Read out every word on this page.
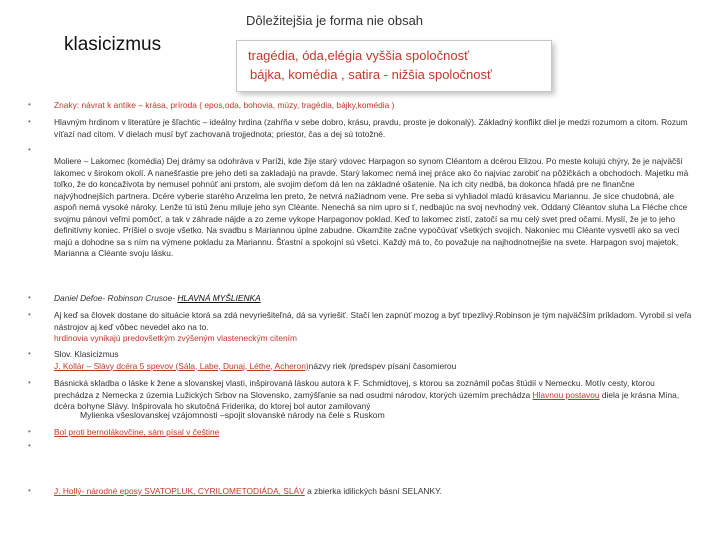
klasicizmus
Dôležitejšia je forma nie obsah
tragédia, óda,elégia vyššia spoločnosť
bájka, komédia , satira - nižšia spoločnosť
•
•
•
•
•
•
•
•
•
•
Znaky: návrat k antike – krása, príroda ( epos,oda, bohovia, múzy, tragédia, bájky,komédia )
Hlavným hrdinom v literatúre je šľachtic – ideálny hrdina (zahŕňa v sebe dobro, krásu, pravdu, proste je dokonalý). Základný konflikt diel je medzi rozumom a citom. Rozum víťazí nad citom. V dielach musí byť zachovaná trojjednota; priestor, čas a dej sú totožné.
Moliere – Lakomec (komédia) Dej drámy sa odohráva v Paríži, kde žije starý vdovec Harpagon so synom Cléantom a dcérou Elizou. Po meste kolujú chýry, že je najväčší lakomec v širokom okolí. A nanešťastie pre jeho deti sa zakladajú na pravde. Starý lakomec nemá inej práce ako čo najviac zarobiť na pôžičkách a obchodoch. Majetku má toľko, že do koncaživota by nemusel pohnúť ani prstom, ale svojim deťom dá len na základné ošatenie. Na ich city nedbá, ba dokonca hľadá pre ne finančne najvýhodnejších partnera. Dcére vyberie starého Anzelma len preto, že netvrá nažiadnom vene. Pre seba si vyhliadol mladú krásavicu Mariannu. Je síce chudobná, ale aspoň nemá vysoké nároky. Lenže tú istú ženu miluje jeho syn Cléante. Nenechá sa nim upro si ť, nedbajúc na svoj nevhodný vek. Oddaný Cléantov sluha La Fléche chce svojmu pánovi veľmi pomôcť, a tak v záhrade nájde a zo zeme vykope Harpagonov poklad. Keď to lakomec zistí, zatočí sa mu celý svet pred očami. Myslí, že je to jeho definitívny koniec. Príšiel o svoje všetko. Na svadbu s Mariannou úplne zabudne. Okamžite začne vypočúvať všetkých svojich. Nakoniec mu Cléante vysvetlí ako sa veci majú a dohodne sa s ním na výmene pokladu za Mariannu. Šťastní a spokojní sú všetci. Každý má to, čo považuje na najhodnotnejšie na svete. Harpagon svoj majetok, Marianna a Cléante svoju lásku.
Daniel Defoe- Robinson Crusoe- HLAVNÁ MYŠLIENKA
Aj keď sa človek dostane do situácie ktorá sa zdá nevyriešiteľná, dá sa vyriešiť. Stačí len zapnúť mozog a byť trpezlivý.Robinson je tým najväčším príkladom. Vyrobil si veľa nástrojov aj keď vôbec nevedel ako na to.
hrdinovia vynikajú predovšetkým zvýšeným vlasteneckým citením
Slov. Klasicizmus
J. Kollár – Slávy dcéra 5 spevov (Sála, Labe, Dunaj, Léthe, Acheron)názvy riek /predspev písaní časomierou
Básnická skladba o láske k žene a slovanskej vlasti, inšpirovaná láskou autora k F. Schmidtovej, s ktorou sa zoznámil počas štúdií v Nemecku. Motív cesty, ktorou prechádza z Nemecka z územia Lužických Srbov na Slovensko, zamýšľanie sa nad osudmi národov, ktorých územím prechádza Hlavnou postavou diela je krásna Mína, dcéra bohyne Slávy. Inšpirovala ho skutočná Friderika, do ktorej bol autor zamilovaný
Mylienka všeslovanskej vzájomnosti –spojit slovanské národy na čele s Ruskom
Bol proti bernolákovčine, sám písal v češtine
J. Hollý- národné eposy SVATOPLUK, CYRILOMETODIÁDA, SLÁV a zbierka idilických básní SELANKY.
